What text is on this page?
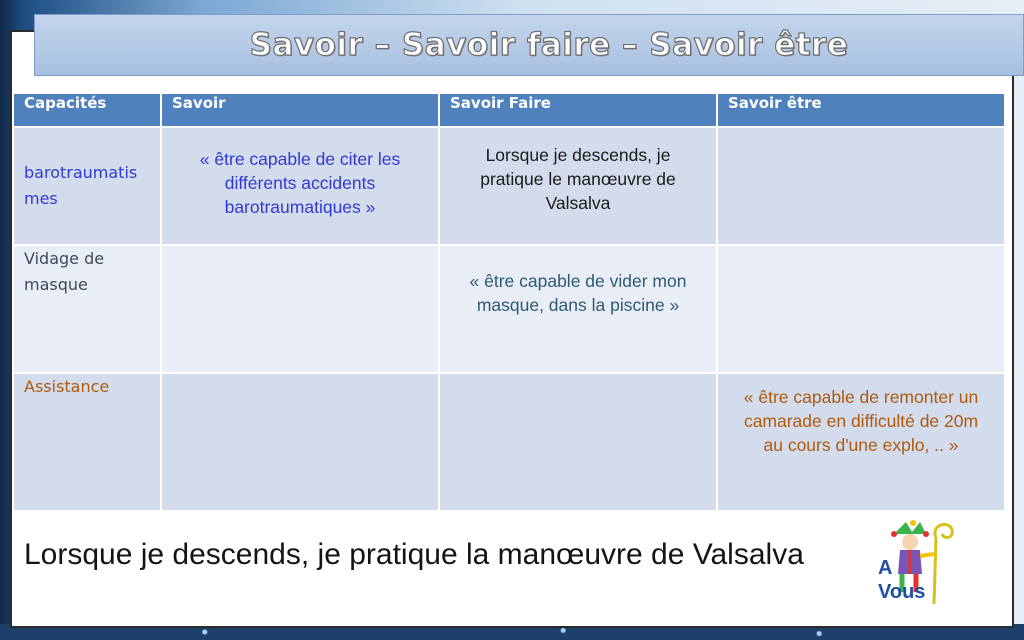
Savoir – Savoir faire – Savoir être
Capacités	Savoir	Savoir Faire	Savoir être
barotraumatismes	« être capable de citer les différents accidents barotraumatiques »	Lorsque je descends, je pratique le manœuvre de Valsalva	

Vidage de masque		« être capable de vider mon masque, dans la piscine »	

Assistance			« être capable de remonter un camarade en difficulté de 20m au cours d'une explo, .. »
Lorsque je descends, je pratique la manœuvre de Valsalva	A
Vous
